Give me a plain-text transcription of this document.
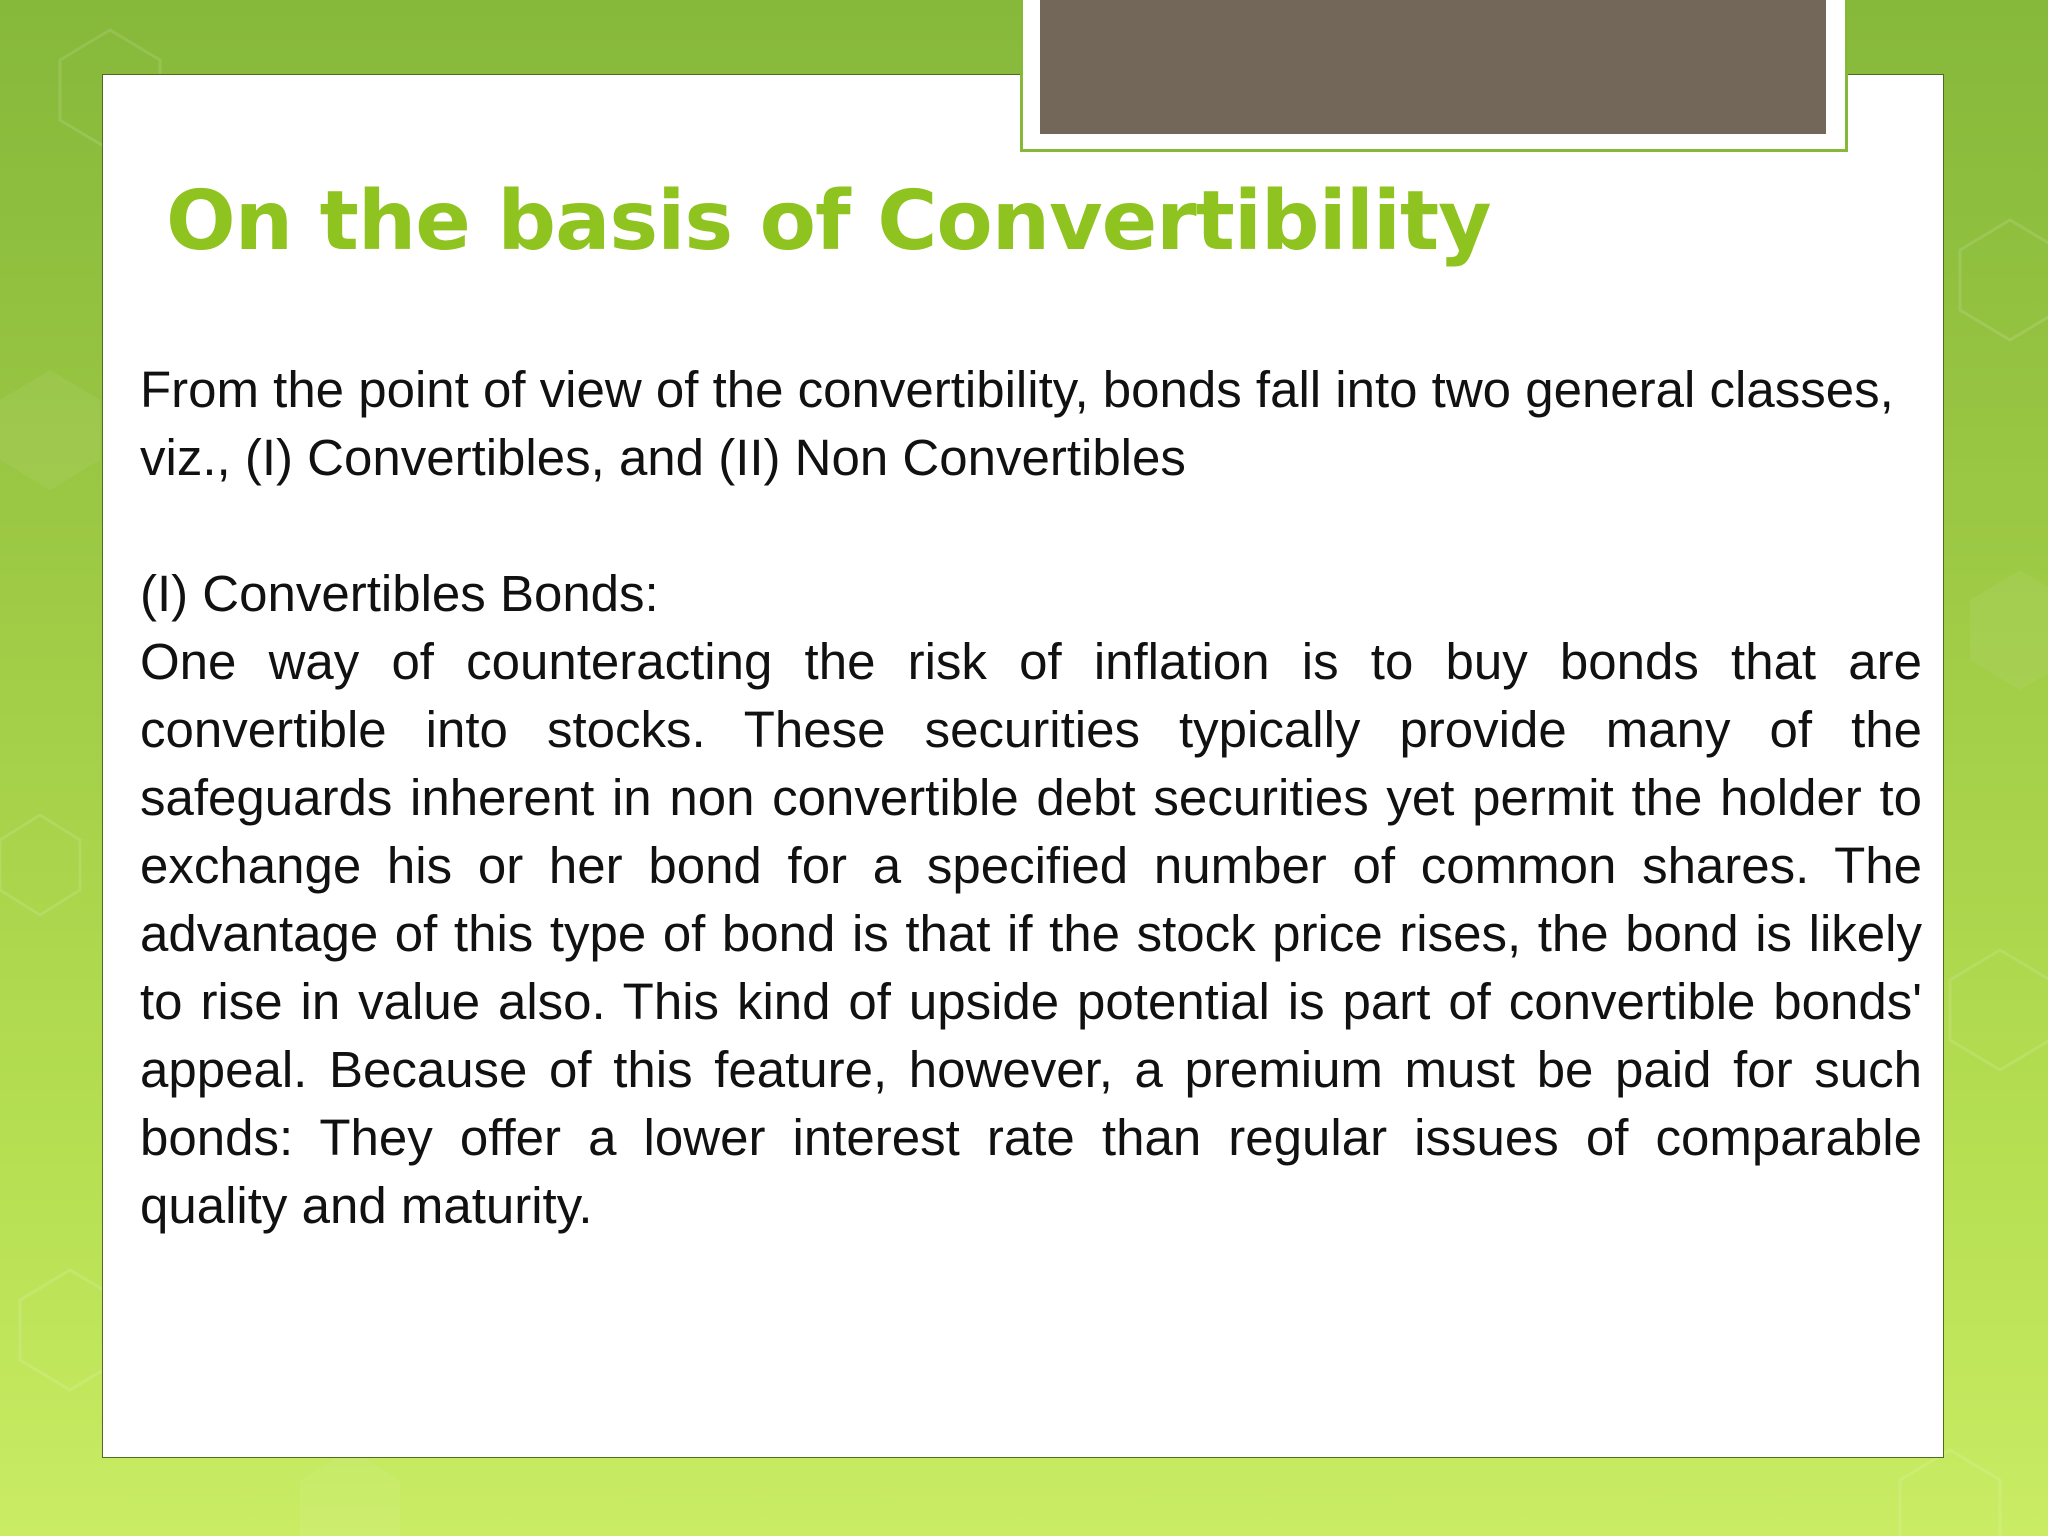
On the basis of Convertibility

From the point of view of the convertibility, bonds fall into two general classes,

viz., (I) Convertibles, and (II) Non Convertibles

(I) Convertibles Bonds:

One way of counteracting the risk of inflation is to buy bonds that are convertible into stocks. These securities typically provide many of the safeguards inherent in non convertible debt securities yet permit the holder to exchange his or her bond for a specified number of common shares. The advantage of this type of bond is that if the stock price rises, the bond is likely to rise in value also. This kind of upside potential is part of convertible bonds' appeal. Because of this feature, however, a premium must be paid for such bonds: They offer a lower interest rate than regular issues of comparable quality and maturity.
